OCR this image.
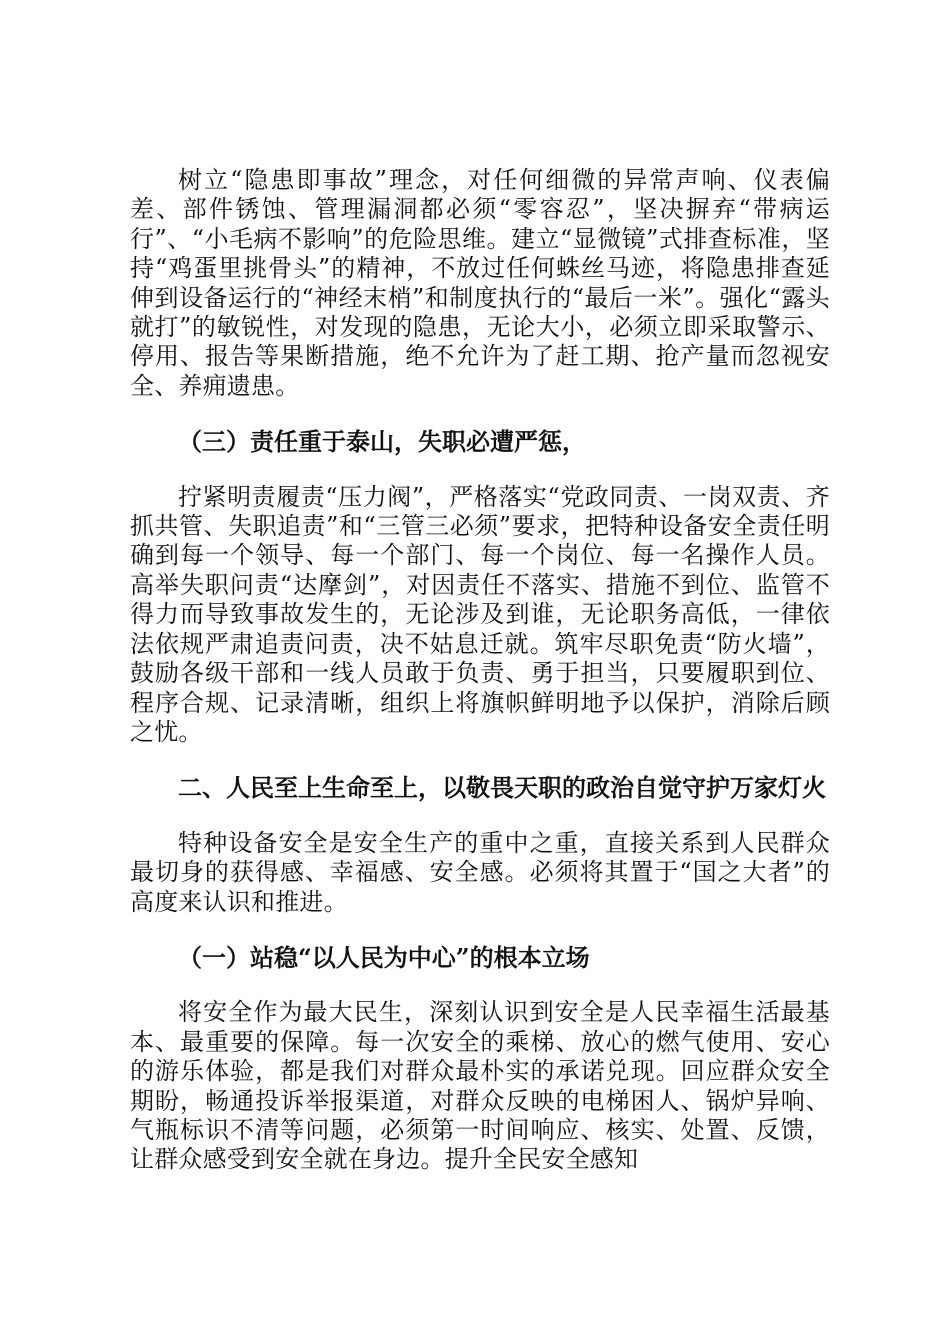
树立“隐患即事故”理念，对任何细微的异常声响、仪表偏差、部件锈蚀、管理漏洞都必须“零容忍”，坚决摒弃“带病运行”、“小毛病不影响”的危险思维。建立“显微镜”式排查标准，坚持“鸡蛋里挑骨头”的精神，不放过任何蛛丝马迹，将隐患排查延伸到设备运行的“神经末梢”和制度执行的“最后一米”。强化“露头就打”的敏锐性，对发现的隐患，无论大小，必须立即采取警示、停用、报告等果断措施，绝不允许为了赶工期、抢产量而忽视安全、养痈遗患。

（三）责任重于泰山，失职必遭严惩，

拧紧明责履责“压力阀”，严格落实“党政同责、一岗双责、齐抓共管、失职追责”和“三管三必须”要求，把特种设备安全责任明确到每一个领导、每一个部门、每一个岗位、每一名操作人员。高举失职问责“达摩剑”，对因责任不落实、措施不到位、监管不得力而导致事故发生的，无论涉及到谁，无论职务高低，一律依法依规严肃追责问责，决不姑息迁就。筑牢尽职免责“防火墙”，鼓励各级干部和一线人员敢于负责、勇于担当，只要履职到位、程序合规、记录清晰，组织上将旗帜鲜明地予以保护，消除后顾之忧。

二、人民至上生命至上，以敬畏天职的政治自觉守护万家灯火

特种设备安全是安全生产的重中之重，直接关系到人民群众最切身的获得感、幸福感、安全感。必须将其置于“国之大者”的高度来认识和推进。

（一）站稳“以人民为中心”的根本立场

将安全作为最大民生，深刻认识到安全是人民幸福生活最基本、最重要的保障。每一次安全的乘梯、放心的燃气使用、安心的游乐体验，都是我们对群众最朴实的承诺兑现。回应群众安全期盼，畅通投诉举报渠道，对群众反映的电梯困人、锅炉异响、气瓶标识不清等问题，必须第一时间响应、核实、处置、反馈，让群众感受到安全就在身边。提升全民安全感知
